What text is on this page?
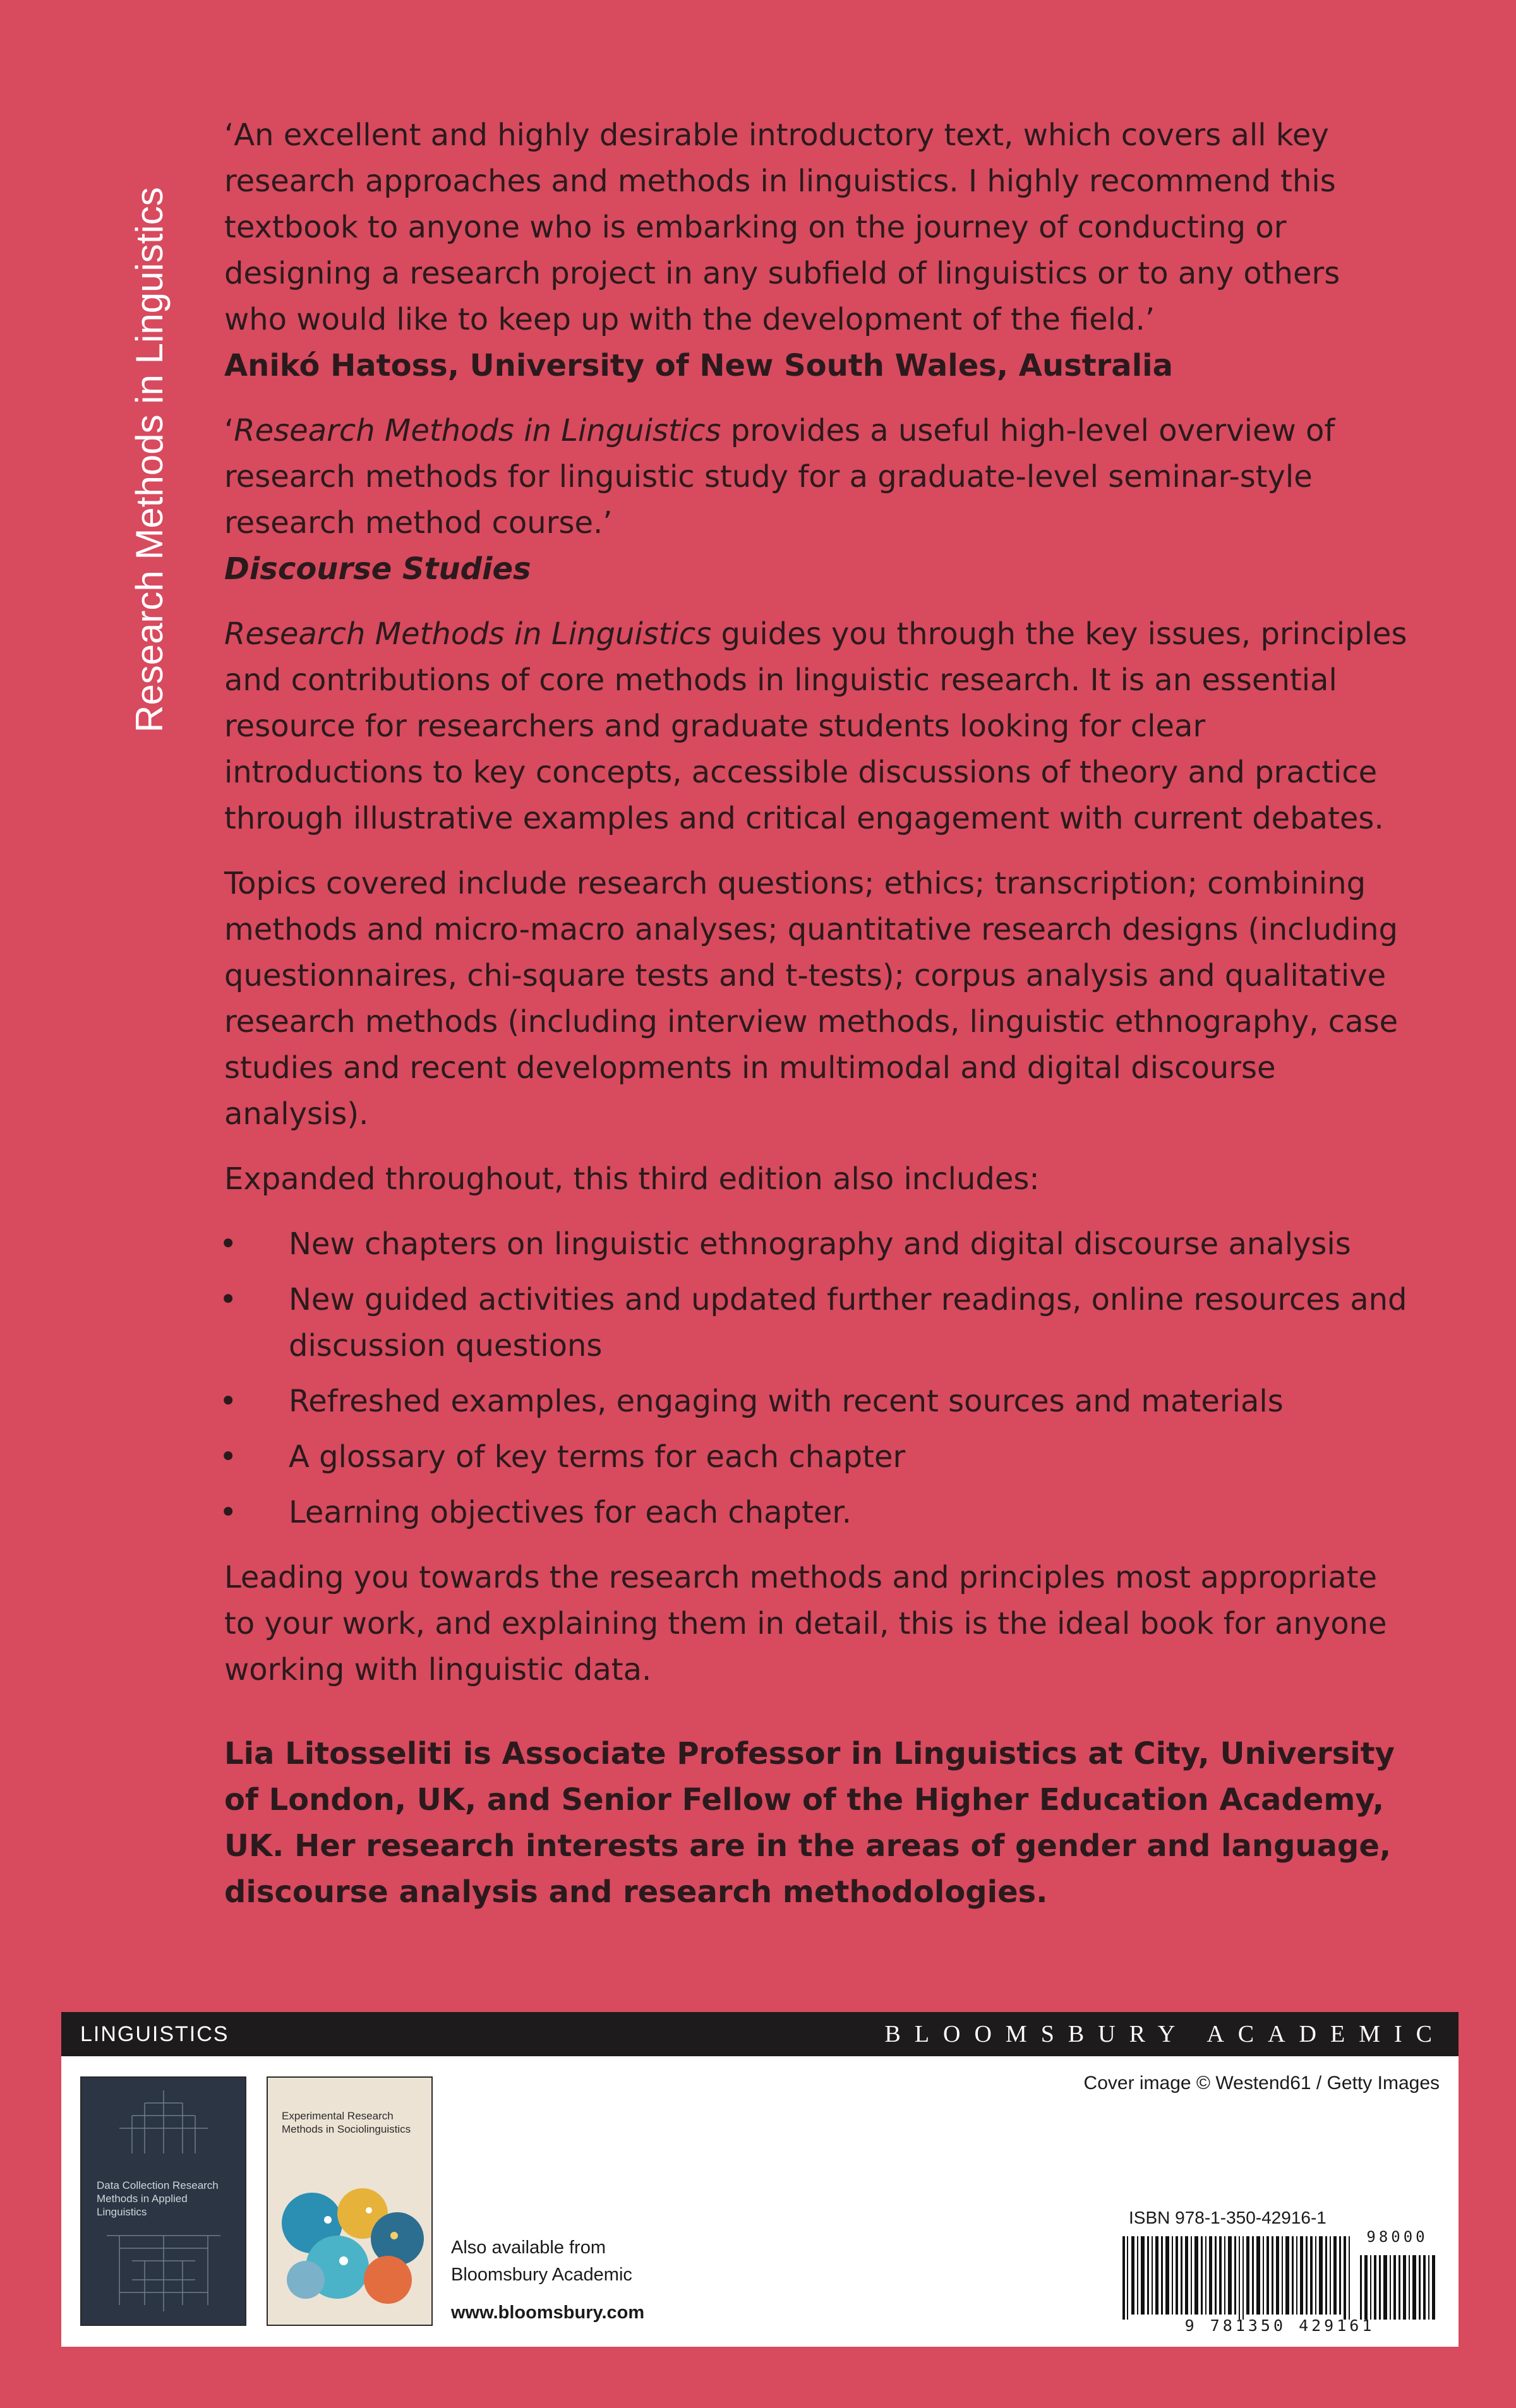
Research Methods in Linguistics

‘An excellent and highly desirable introductory text, which covers all key research approaches and methods in linguistics. I highly recommend this textbook to anyone who is embarking on the journey of conducting or designing a research project in any subfield of linguistics or to any others who would like to keep up with the development of the field.’
Anikó Hatoss, University of New South Wales, Australia

‘Research Methods in Linguistics provides a useful high-level overview of research methods for linguistic study for a graduate-level seminar-style research method course.’
Discourse Studies

Research Methods in Linguistics guides you through the key issues, principles and contributions of core methods in linguistic research. It is an essential resource for researchers and graduate students looking for clear introductions to key concepts, accessible discussions of theory and practice through illustrative examples and critical engagement with current debates.

Topics covered include research questions; ethics; transcription; combining methods and micro-macro analyses; quantitative research designs (including questionnaires, chi-square tests and t-tests); corpus analysis and qualitative research methods (including interview methods, linguistic ethnography, case studies and recent developments in multimodal and digital discourse analysis).

Expanded throughout, this third edition also includes:

• New chapters on linguistic ethnography and digital discourse analysis
• New guided activities and updated further readings, online resources and discussion questions
• Refreshed examples, engaging with recent sources and materials
• A glossary of key terms for each chapter
• Learning objectives for each chapter.

Leading you towards the research methods and principles most appropriate to your work, and explaining them in detail, this is the ideal book for anyone working with linguistic data.

Lia Litosseliti is Associate Professor in Linguistics at City, University of London, UK, and Senior Fellow of the Higher Education Academy, UK. Her research interests are in the areas of gender and language, discourse analysis and research methodologies.

LINGUISTICS	BLOOMSBURY ACADEMIC
Data Collection Research Methods in Applied Linguistics
Experimental Research Methods in Sociolinguistics
Also available from
Bloomsbury Academic
www.bloomsbury.com
Cover image © Westend61 / Getty Images
ISBN 978-1-350-42916-1
98000
9 781350 429161
